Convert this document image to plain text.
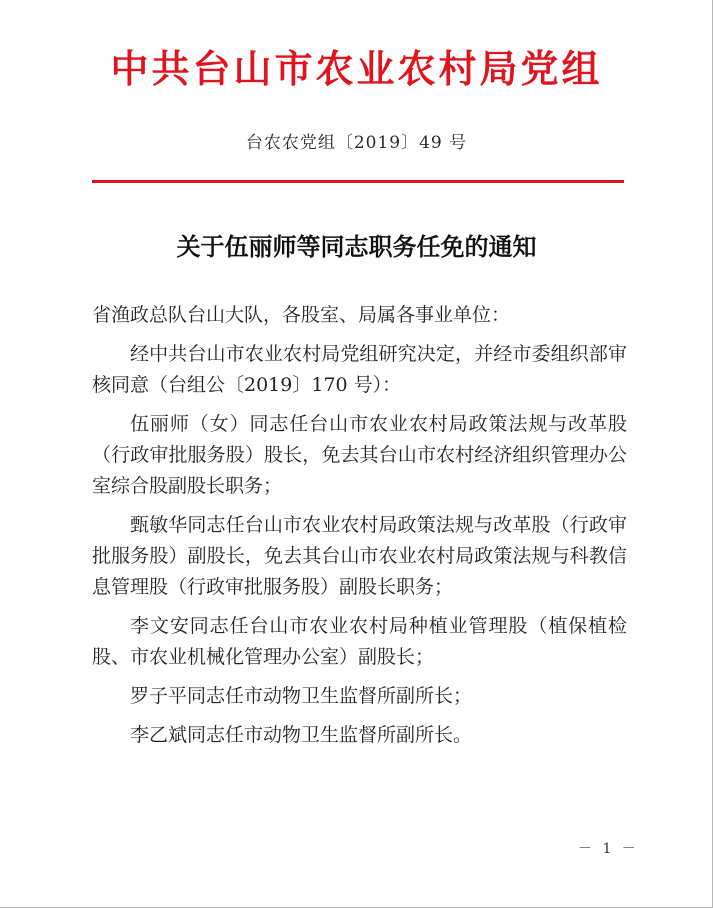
中共台山市农业农村局党组
台农农党组〔2019〕49 号
关于伍丽师等同志职务任免的通知

省渔政总队台山大队，各股室、局属各事业单位：

经中共台山市农业农村局党组研究决定，并经市委组织部审核同意（台组公〔2019〕170 号）：

伍丽师（女）同志任台山市农业农村局政策法规与改革股（行政审批服务股）股长，免去其台山市农村经济组织管理办公室综合股副股长职务；

甄敏华同志任台山市农业农村局政策法规与改革股（行政审批服务股）副股长，免去其台山市农业农村局政策法规与科教信息管理股（行政审批服务股）副股长职务；

李文安同志任台山市农业农村局种植业管理股（植保植检股、市农业机械化管理办公室）副股长；

罗子平同志任市动物卫生监督所副所长；

李乙斌同志任市动物卫生监督所副所长。

－ 1 －
